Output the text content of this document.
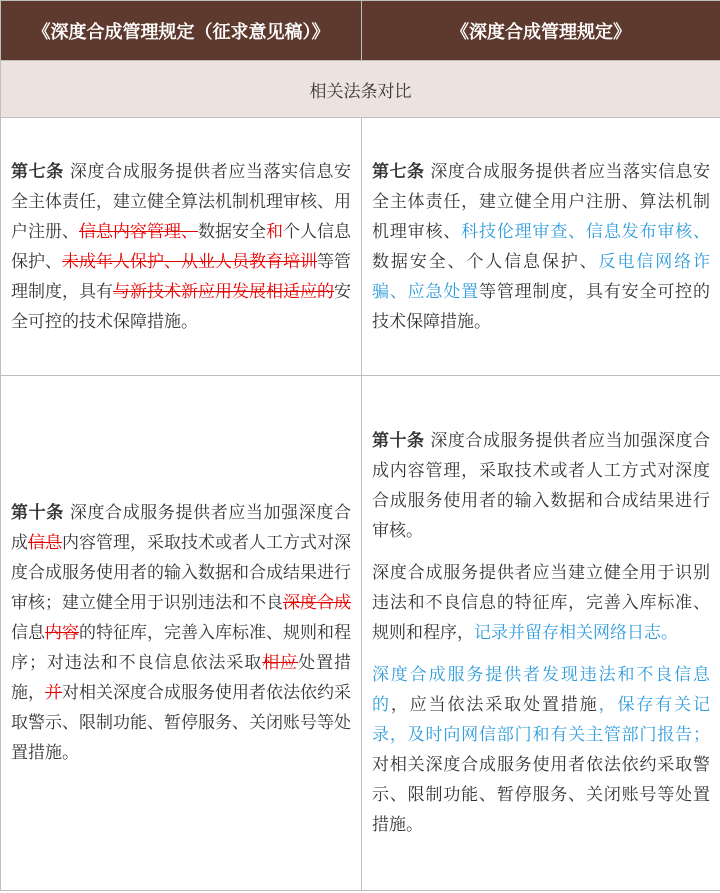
《深度合成管理规定（征求意见稿）》	《深度合成管理规定》
相关法条对比	

第七条 深度合成服务提供者应当落实信息安全主体责任，建立健全算法机制机理审核、用户注册、信息内容管理、数据安全和个人信息保护、未成年人保护、从业人员教育培训等管理制度，具有与新技术新应用发展相适应的安全可控的技术保障措施。	第七条 深度合成服务提供者应当落实信息安全主体责任，建立健全用户注册、算法机制机理审核、科技伦理审查、信息发布审核、数据安全、个人信息保护、反电信网络诈骗、应急处置等管理制度，具有安全可控的技术保障措施。

第十条 深度合成服务提供者应当加强深度合成信息内容管理，采取技术或者人工方式对深度合成服务使用者的输入数据和合成结果进行审核；建立健全用于识别违法和不良深度合成信息内容的特征库，完善入库标准、规则和程序；对违法和不良信息依法采取相应处置措施，并对相关深度合成服务使用者依法依约采取警示、限制功能、暂停服务、关闭账号等处置措施。	第十条 深度合成服务提供者应当加强深度合成内容管理，采取技术或者人工方式对深度合成服务使用者的输入数据和合成结果进行审核。

深度合成服务提供者应当建立健全用于识别违法和不良信息的特征库，完善入库标准、规则和程序，记录并留存相关网络日志。

深度合成服务提供者发现违法和不良信息的，应当依法采取处置措施，保存有关记录，及时向网信部门和有关主管部门报告；对相关深度合成服务使用者依法依约采取警示、限制功能、暂停服务、关闭账号等处置措施。
